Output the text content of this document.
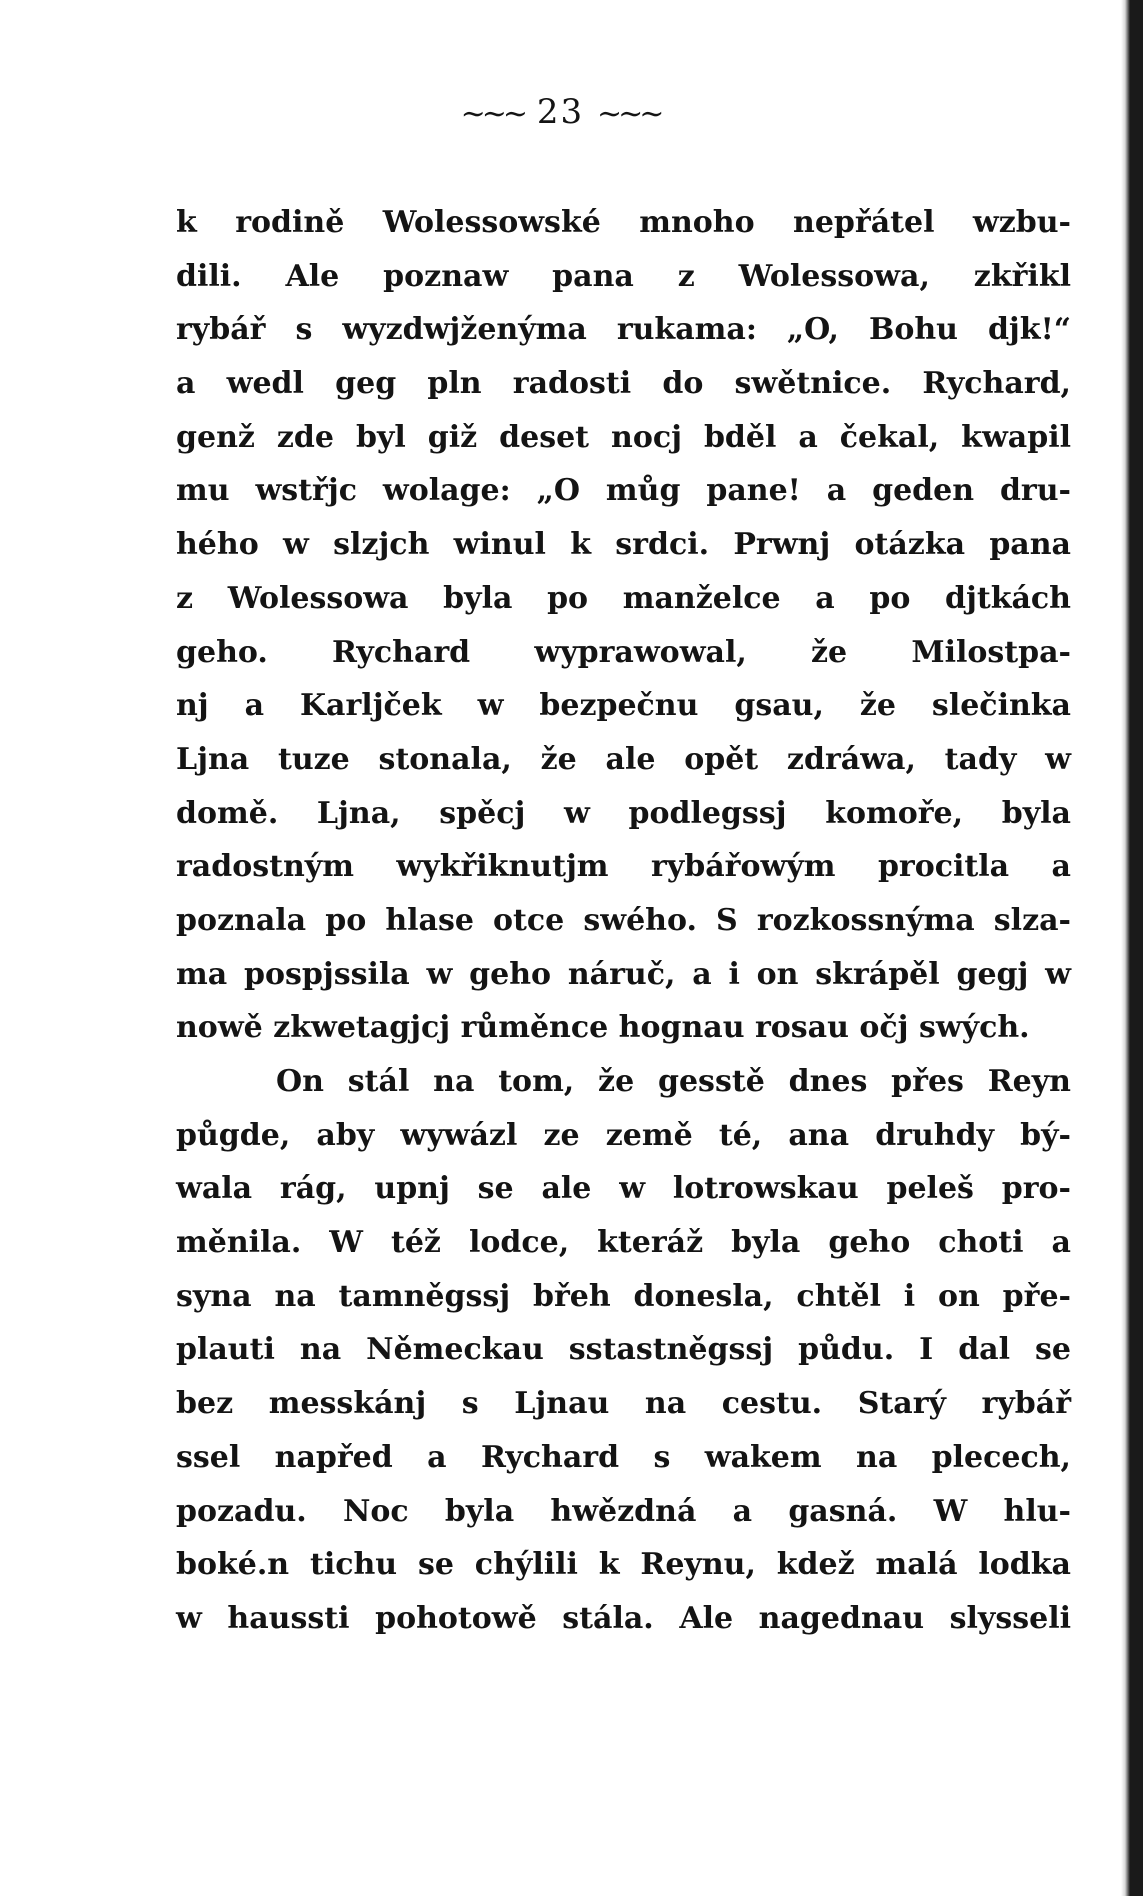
∼∼∼ 23 ∼∼∼
k rodině Wolessowské mnoho nepřátel wzbu-
dili. Ale poznaw pana z Wolessowa, zkřikl
rybář s wyzdwjženýma rukama: „O, Bohu djk!“
a wedl geg pln radosti do swětnice. Rychard,
genž zde byl giž deset nocj bděl a čekal, kwapil
mu wstřjc wolage: „O můg pane! a geden dru-
hého w slzjch winul k srdci. Prwnj otázka pana
z Wolessowa byla po manželce a po djtkách
geho. Rychard wyprawowal, že Milostpa-
nj a Karljček w bezpečnu gsau, že slečinka
Ljna tuze stonala, že ale opět zdráwa, tady w
domě. Ljna, spěcj w podlegssj komoře, byla
radostným wykřiknutjm rybářowým procitla a
poznala po hlase otce swého. S rozkossnýma slza-
ma pospjssila w geho náruč, a i on skrápěl gegj w
nowě zkwetagjcj růměnce hognau rosau očj swých.
On stál na tom, že gesstě dnes přes Reyn
půgde, aby wywázl ze země té, ana druhdy bý-
wala rág, upnj se ale w lotrowskau peleš pro-
měnila. W též lodce, kteráž byla geho choti a
syna na tamněgssj břeh donesla, chtěl i on pře-
plauti na Německau sstastněgssj půdu. I dal se
bez messkánj s Ljnau na cestu. Starý rybář
ssel napřed a Rychard s wakem na plecech,
pozadu. Noc byla hwězdná a gasná. W hlu-
boké.n tichu se chýlili k Reynu, kdež malá lodka
w haussti pohotowě stála. Ale nagednau slysseli
